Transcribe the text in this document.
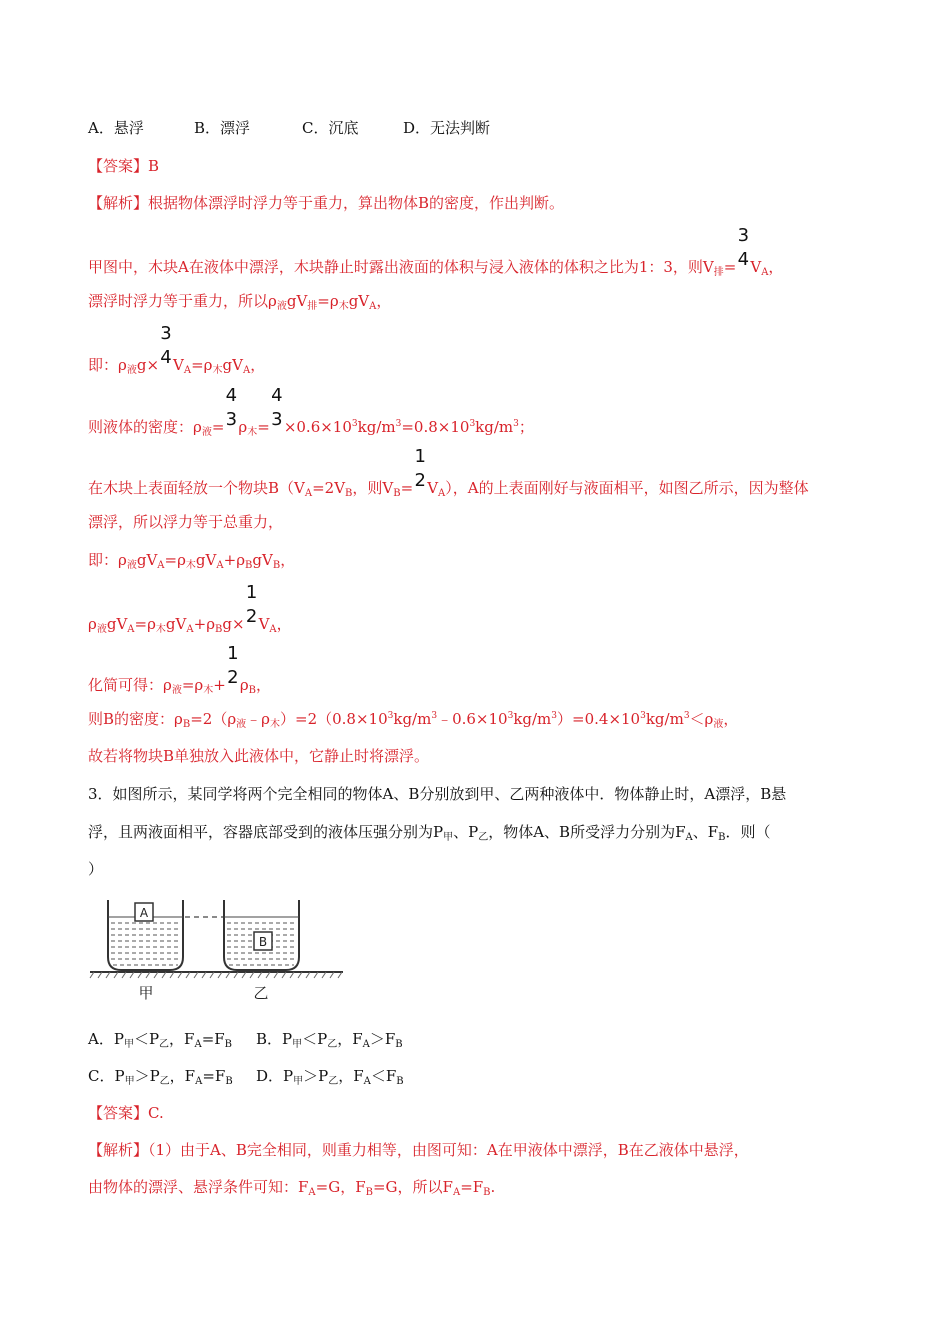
A．悬浮	B．漂浮	C．沉底	D．无法判断
【答案】B
【解析】根据物体漂浮时浮力等于重力，算出物体B的密度，作出判断。
甲图中，木块A在液体中漂浮，木块静止时露出液面的体积与浸入液体的体积之比为1：3，则$V_排=$
3
4 $V_A$，
漂浮时浮力等于重力，所以$\rho_液gV_排=\rho_木gV_A$，
即：$\rho_液g\times$
3
4 $V_A=\rho_木gV_A$，
则液体的密度：$\rho_液=$
4
3 $\rho_木=$
4
$3 \times 0.6\times 10^3kg/m^3=0.8\times 10^3kg/m^3$；
在木块上表面轻放一个物块$B(V_A=2V_B$，则$V_B=$
1
2 $V_A$），A的上表面刚好与液面相平，如图乙所示，因为整体
漂浮，所以浮力等于总重力，
即：$\rho_液gV_A=\rho_木gV_A+\rho_BgV_B$，
$\rho_液gV_A=\rho_木gV_A+\rho_Bg\times$
1
2 $V_A$，
化简可得：$\rho_液=\rho_木+$
1
2 $\rho_B$，
则B的密度：$\rho_B=2(\rho_液﹣\rho_木)=2(0.8\times 10^3kg/m^3﹣0.6\times 10^3kg/m^3)=0.4\times 10^3kg/m^3<\rho_液$，
故若将物块B单独放入此液体中，它静止时将漂浮。
3．如图所示，某同学将两个完全相同的物体A、B分别放到甲、乙两种液体中．物体静止时，A漂浮，B悬
浮，且两液面相平，容器底部受到的液体压强分别为$P_甲$、$P_乙$，物体A、B所受浮力分别为$F_A$、$F_B$．则（
）
A
B
甲	乙
A．$P_甲<P_乙$，$F_A=F_B$ B．$P_甲<P_乙$，$F_A>F_B$
C．$P_甲>P_乙$，$F_A=F_B$ D．$P_甲>P_乙$，$F_A<F_B$
【答案】C.
【解析】（1）由于A、B完全相同，则重力相等，由图可知：A在甲液体中漂浮，B在乙液体中悬浮，
由物体的漂浮、悬浮条件可知：$F_A=G$，$F_B=G$，所以$F_A=F_B$.
